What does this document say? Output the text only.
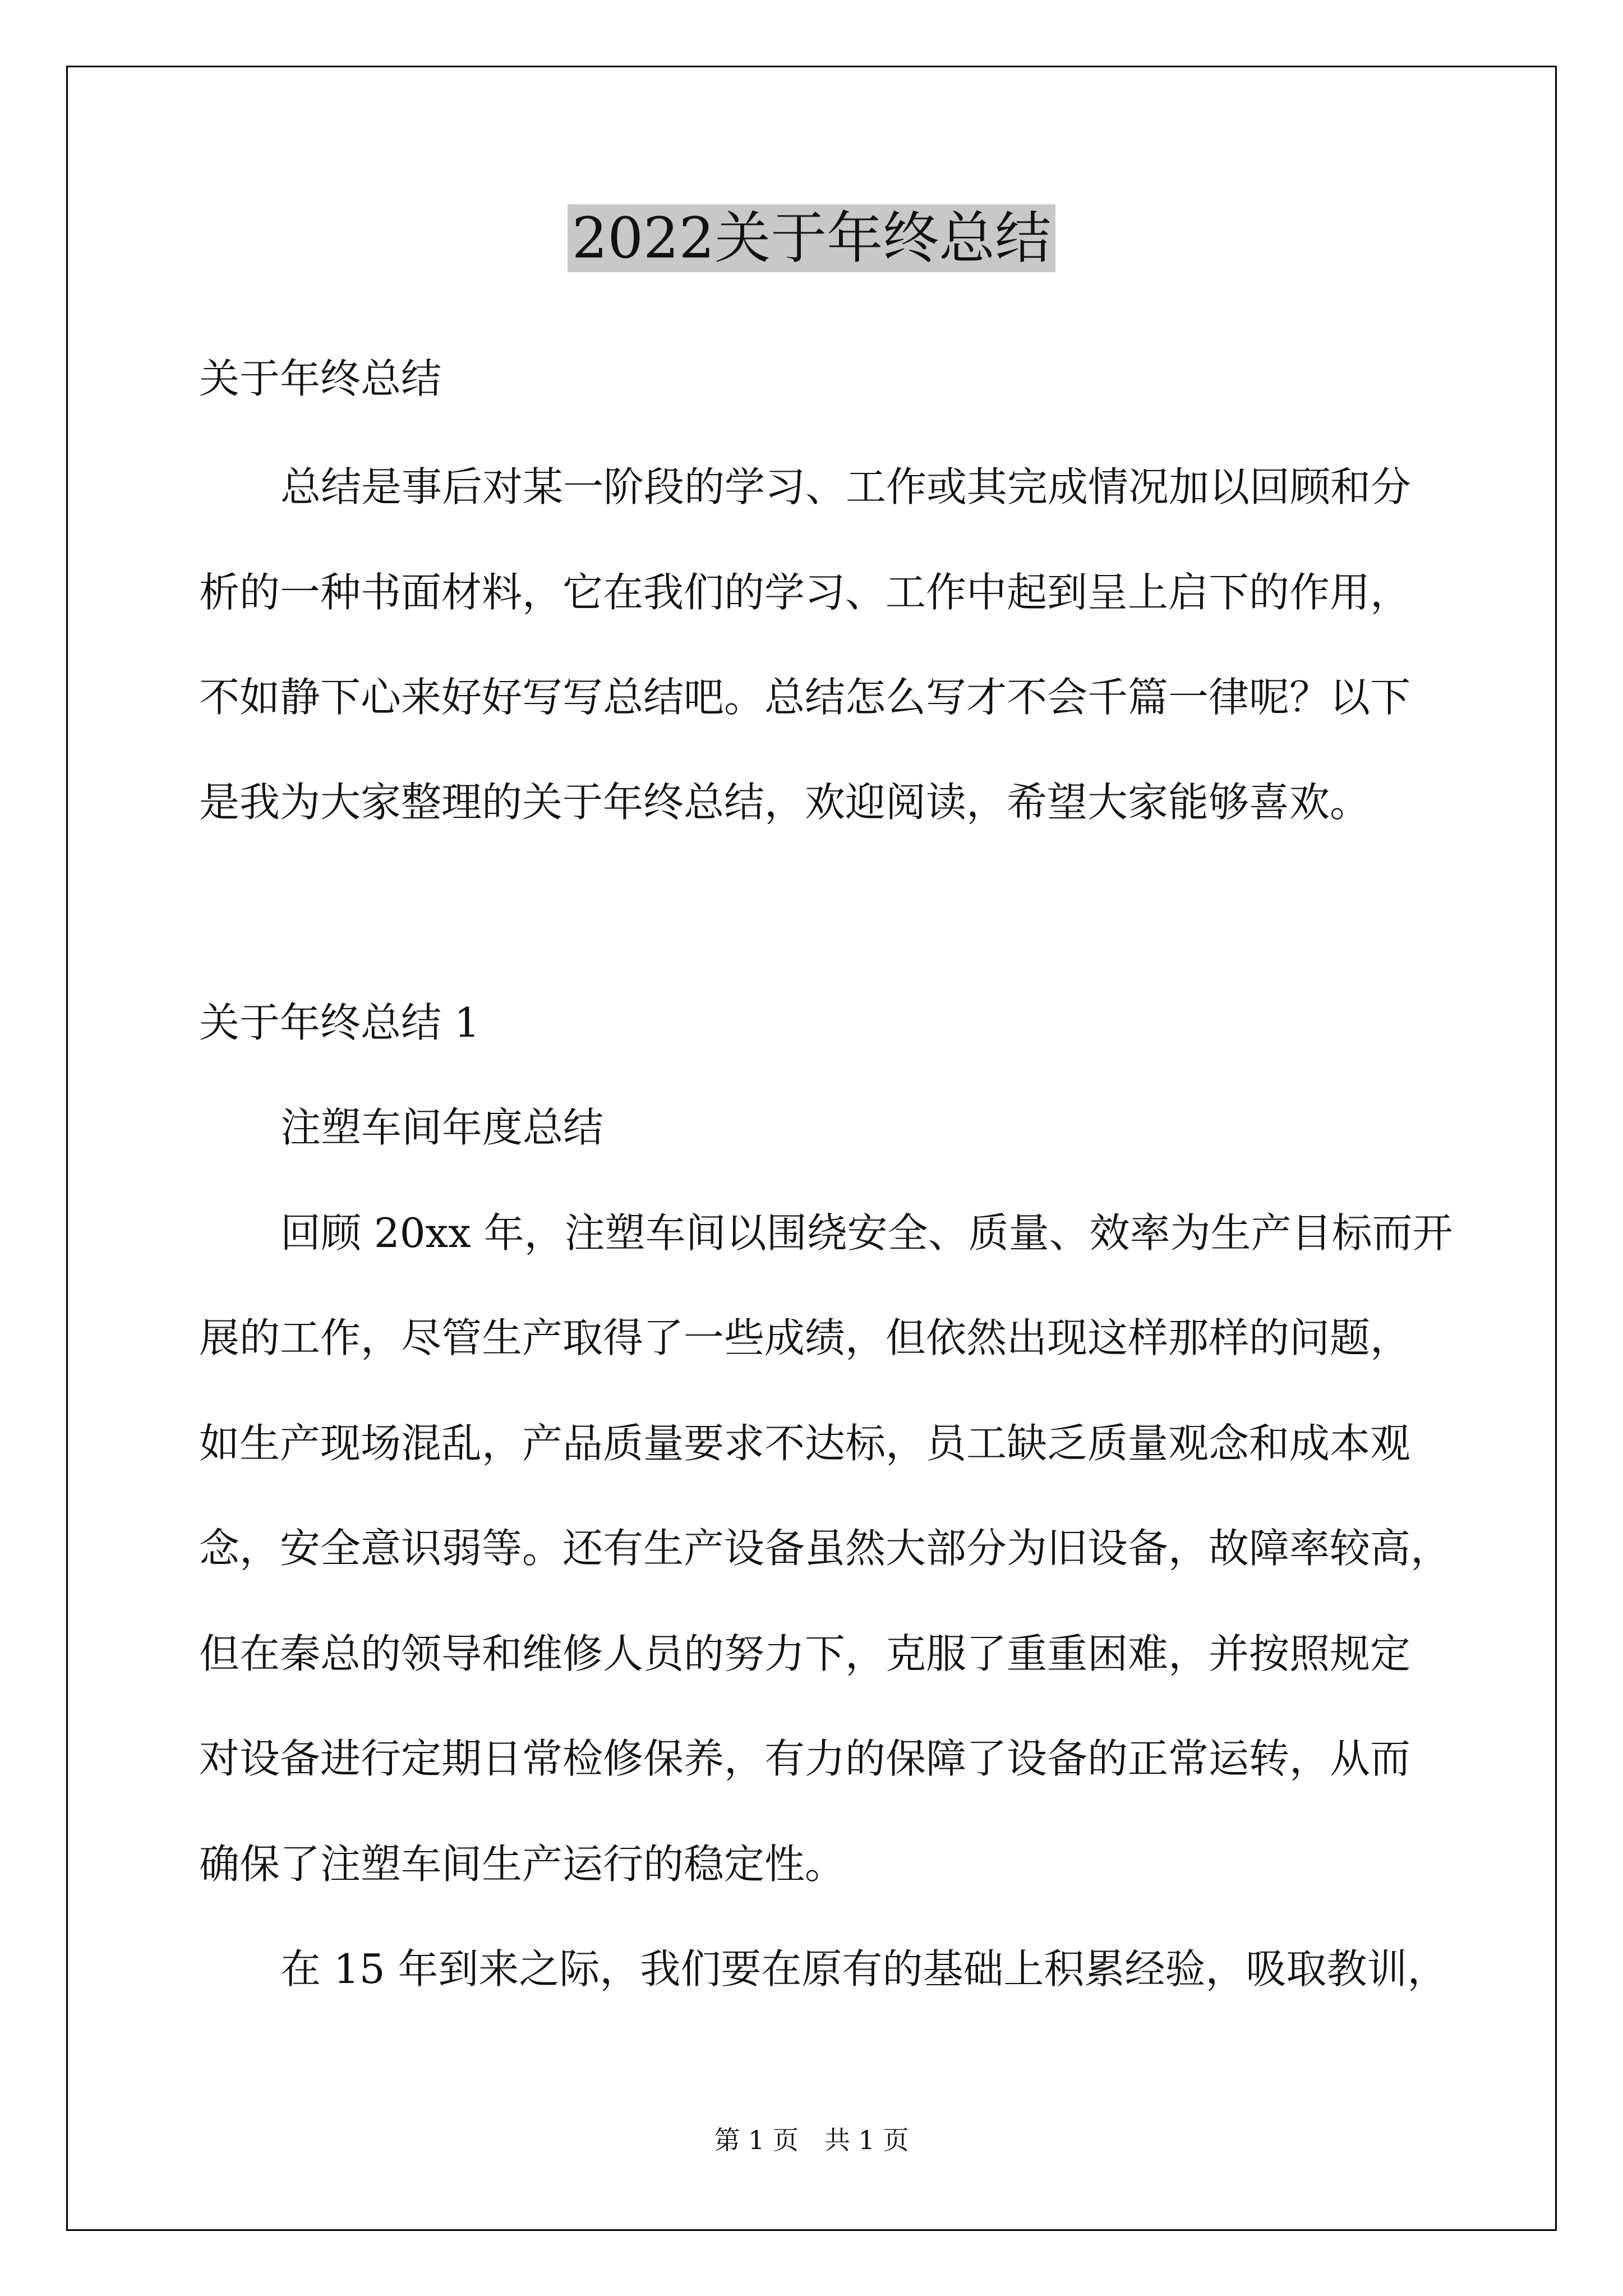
2022关于年终总结

关于年终总结

总结是事后对某一阶段的学习、工作或其完成情况加以回顾和分

析的一种书面材料，它在我们的学习、工作中起到呈上启下的作用，

不如静下心来好好写写总结吧。总结怎么写才不会千篇一律呢？以下

是我为大家整理的关于年终总结，欢迎阅读，希望大家能够喜欢。

关于年终总结 1

注塑车间年度总结

回顾 20xx 年，注塑车间以围绕安全、质量、效率为生产目标而开

展的工作，尽管生产取得了一些成绩，但依然出现这样那样的问题，

如生产现场混乱，产品质量要求不达标，员工缺乏质量观念和成本观

念，安全意识弱等。还有生产设备虽然大部分为旧设备，故障率较高，

但在秦总的领导和维修人员的努力下，克服了重重困难，并按照规定

对设备进行定期日常检修保养，有力的保障了设备的正常运转，从而

确保了注塑车间生产运行的稳定性。

在 15 年到来之际，我们要在原有的基础上积累经验，吸取教训，

第 1 页　共 1 页
